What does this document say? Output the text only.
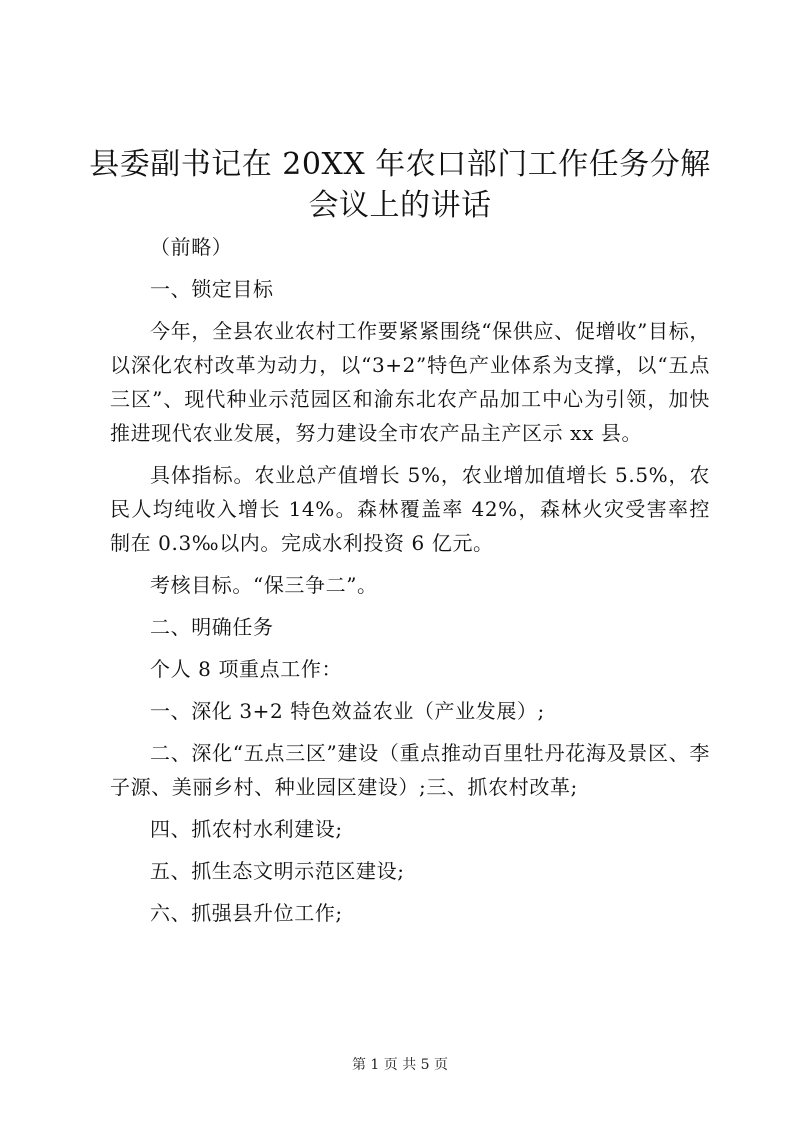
县委副书记在 20XX 年农口部门工作任务分解
会议上的讲话

（前略）

一、锁定目标

今年，全县农业农村工作要紧紧围绕“保供应、促增收”目标，以深化农村改革为动力，以“3+2”特色产业体系为支撑，以“五点三区”、现代种业示范园区和渝东北农产品加工中心为引领，加快推进现代农业发展，努力建设全市农产品主产区示 xx 县。

具体指标。农业总产值增长 5%，农业增加值增长 5.5%，农民人均纯收入增长 14%。森林覆盖率 42%，森林火灾受害率控制在 0.3‰以内。完成水利投资 6 亿元。

考核目标。“保三争二”。

二、明确任务

个人 8 项重点工作：

一、深化 3+2 特色效益农业（产业发展）;

二、深化“五点三区”建设（重点推动百里牡丹花海及景区、李子源、美丽乡村、种业园区建设）;三、抓农村改革;

四、抓农村水利建设;

五、抓生态文明示范区建设;

六、抓强县升位工作;

第 1 页 共 5 页
